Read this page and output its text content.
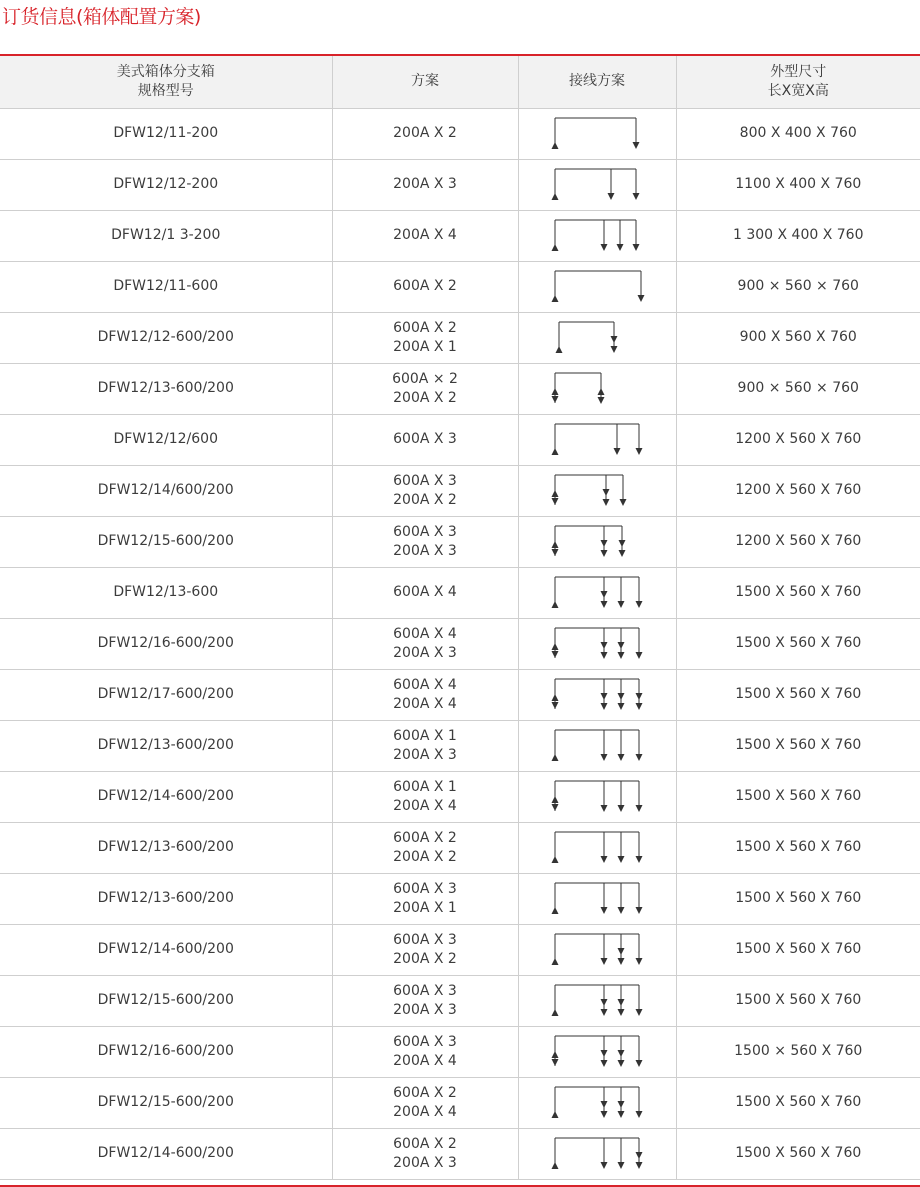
订货信息(箱体配置方案)
美式箱体分支箱
规格型号	方案	接线方案	外型尺寸
长X宽X高

DFW12/11-200	200A X 2		800 X 400 X 760
DFW12/12-200	200A X 3		1100 X 400 X 760
DFW12/1 3-200	200A X 4		1 300 X 400 X 760
DFW12/11-600	600A X 2		900 × 560 × 760
DFW12/12-600/200	600A X 2
200A X 1		900 X 560 X 760
DFW12/13-600/200	600A × 2
200A X 2		900 × 560 × 760
DFW12/12/600	600A X 3		1200 X 560 X 760
DFW12/14/600/200	600A X 3
200A X 2		1200 X 560 X 760
DFW12/15-600/200	600A X 3
200A X 3		1200 X 560 X 760
DFW12/13-600	600A X 4		1500 X 560 X 760
DFW12/16-600/200	600A X 4
200A X 3		1500 X 560 X 760
DFW12/17-600/200	600A X 4
200A X 4		1500 X 560 X 760
DFW12/13-600/200	600A X 1
200A X 3		1500 X 560 X 760
DFW12/14-600/200	600A X 1
200A X 4		1500 X 560 X 760
DFW12/13-600/200	600A X 2
200A X 2		1500 X 560 X 760
DFW12/13-600/200	600A X 3
200A X 1		1500 X 560 X 760
DFW12/14-600/200	600A X 3
200A X 2		1500 X 560 X 760
DFW12/15-600/200	600A X 3
200A X 3		1500 X 560 X 760
DFW12/16-600/200	600A X 3
200A X 4		1500 × 560 X 760
DFW12/15-600/200	600A X 2
200A X 4		1500 X 560 X 760
DFW12/14-600/200	600A X 2
200A X 3		1500 X 560 X 760
